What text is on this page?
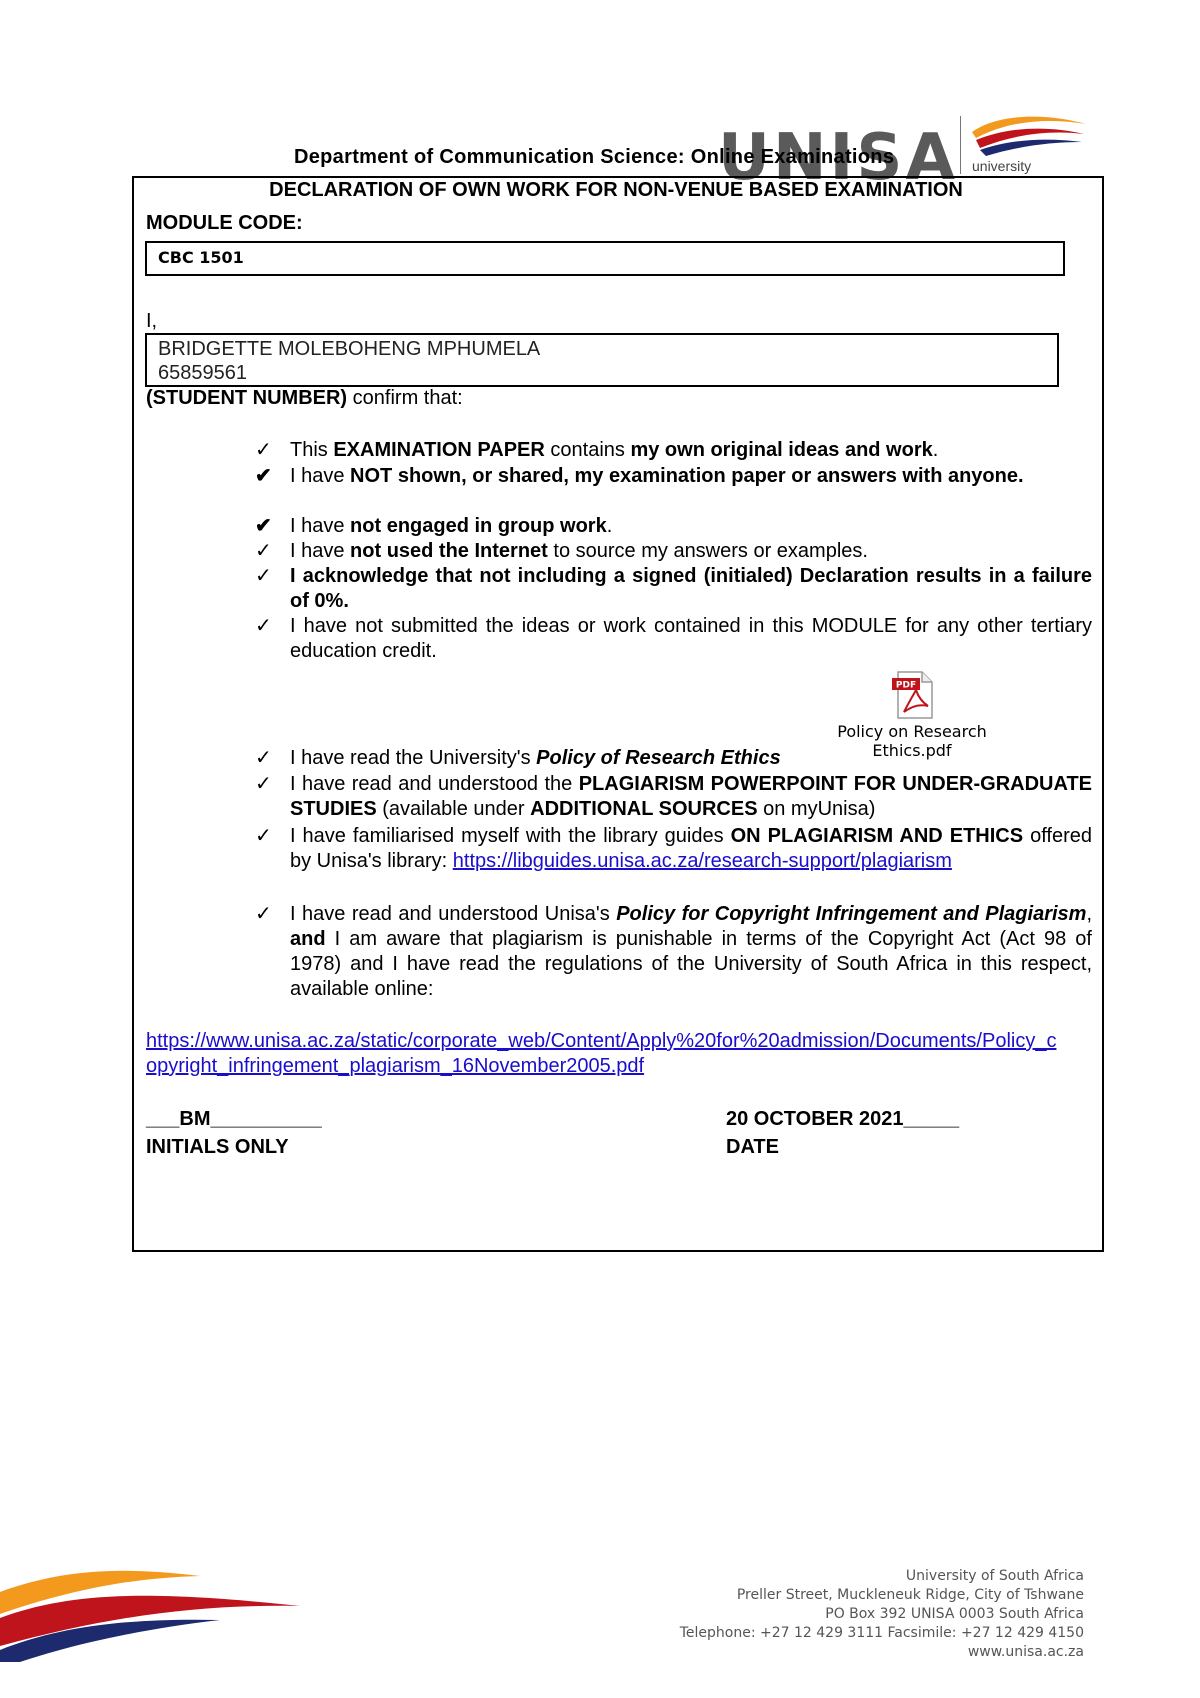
UNISA university
Department of Communication Science: Online Examinations
DECLARATION OF OWN WORK FOR NON-VENUE BASED EXAMINATION
MODULE CODE:
CBC 1501
I,
BRIDGETTE MOLEBOHENG MPHUMELA
65859561
(STUDENT NUMBER) confirm that:
✓ This EXAMINATION PAPER contains my own original ideas and work.
✔ I have NOT shown, or shared, my examination paper or answers with anyone.
✔ I have not engaged in group work.
✓ I have not used the Internet to source my answers or examples.
✓ I acknowledge that not including a signed (initialed) Declaration results in a failure of 0%.
✓ I have not submitted the ideas or work contained in this MODULE for any other tertiary education credit.
✓ I have read the University's Policy of Research Ethics
✓ I have read and understood the PLAGIARISM POWERPOINT FOR UNDER-GRADUATE STUDIES (available under ADDITIONAL SOURCES on myUnisa)
✓ I have familiarised myself with the library guides ON PLAGIARISM AND ETHICS offered by Unisa's library: https://libguides.unisa.ac.za/research-support/plagiarism
✓ I have read and understood Unisa's Policy for Copyright Infringement and Plagiarism, and I am aware that plagiarism is punishable in terms of the Copyright Act (Act 98 of 1978) and I have read the regulations of the University of South Africa in this respect, available online:
PDF
Policy on Research Ethics.pdf
https://www.unisa.ac.za/static/corporate_web/Content/Apply%20for%20admission/Documents/Policy_copyright_infringement_plagiarism_16November2005.pdf
___BM__________
INITIALS ONLY
20 OCTOBER 2021_____
DATE
University of South Africa
Preller Street, Muckleneuk Ridge, City of Tshwane
PO Box 392 UNISA 0003 South Africa
Telephone: +27 12 429 3111 Facsimile: +27 12 429 4150
www.unisa.ac.za
